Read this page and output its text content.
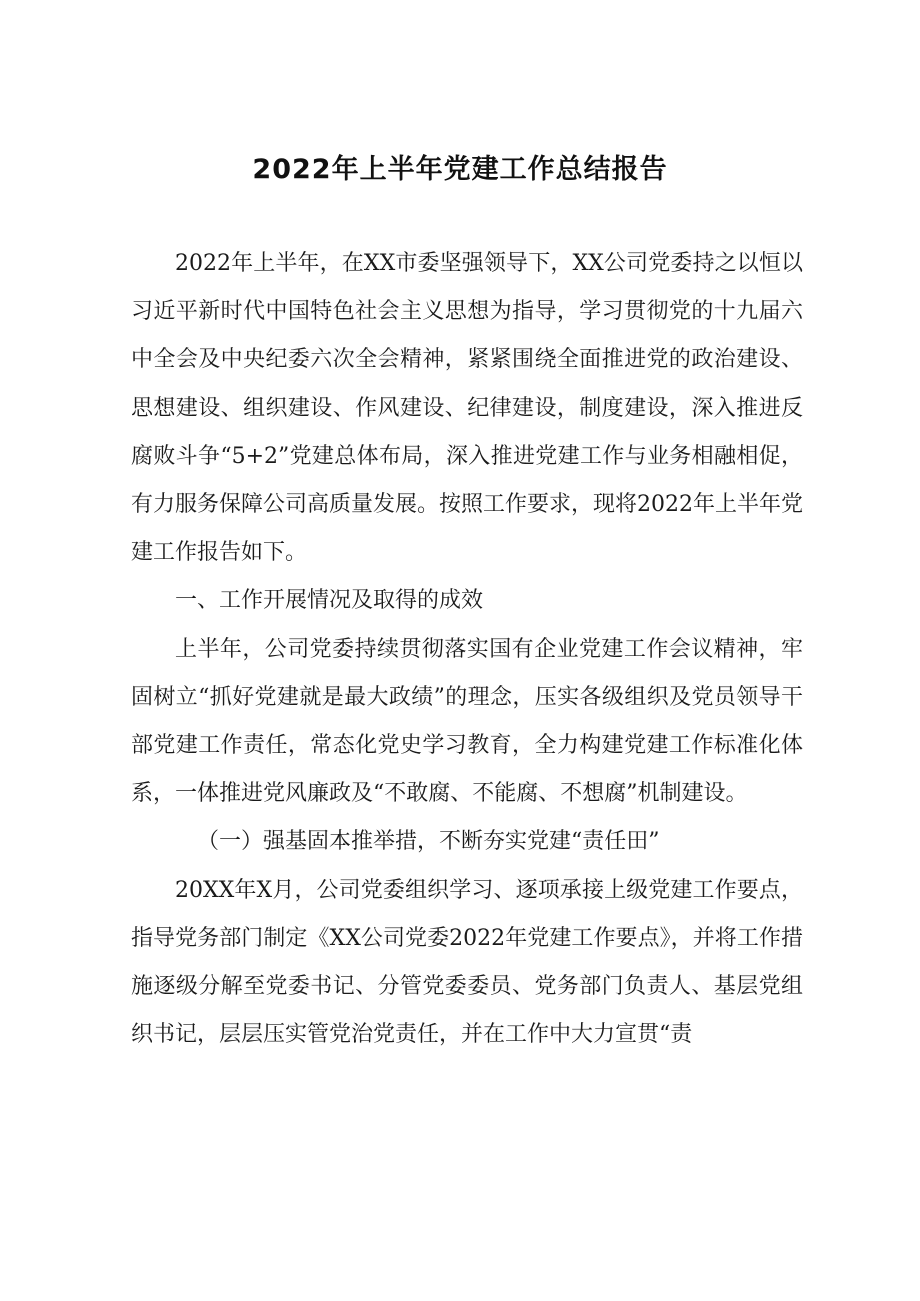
2022年上半年党建工作总结报告

2022年上半年，在XX市委坚强领导下，XX公司党委持之以恒以习近平新时代中国特色社会主义思想为指导，学习贯彻党的十九届六中全会及中央纪委六次全会精神，紧紧围绕全面推进党的政治建设、思想建设、组织建设、作风建设、纪律建设，制度建设，深入推进反腐败斗争“5+2”党建总体布局，深入推进党建工作与业务相融相促，有力服务保障公司高质量发展。按照工作要求，现将2022年上半年党建工作报告如下。

一、工作开展情况及取得的成效

上半年，公司党委持续贯彻落实国有企业党建工作会议精神，牢固树立“抓好党建就是最大政绩”的理念，压实各级组织及党员领导干部党建工作责任，常态化党史学习教育，全力构建党建工作标准化体系，一体推进党风廉政及“不敢腐、不能腐、不想腐”机制建设。

（一）强基固本推举措，不断夯实党建“责任田”

20XX年X月，公司党委组织学习、逐项承接上级党建工作要点，指导党务部门制定《XX公司党委2022年党建工作要点》，并将工作措施逐级分解至党委书记、分管党委委员、党务部门负责人、基层党组织书记，层层压实管党治党责任，并在工作中大力宣贯“责
